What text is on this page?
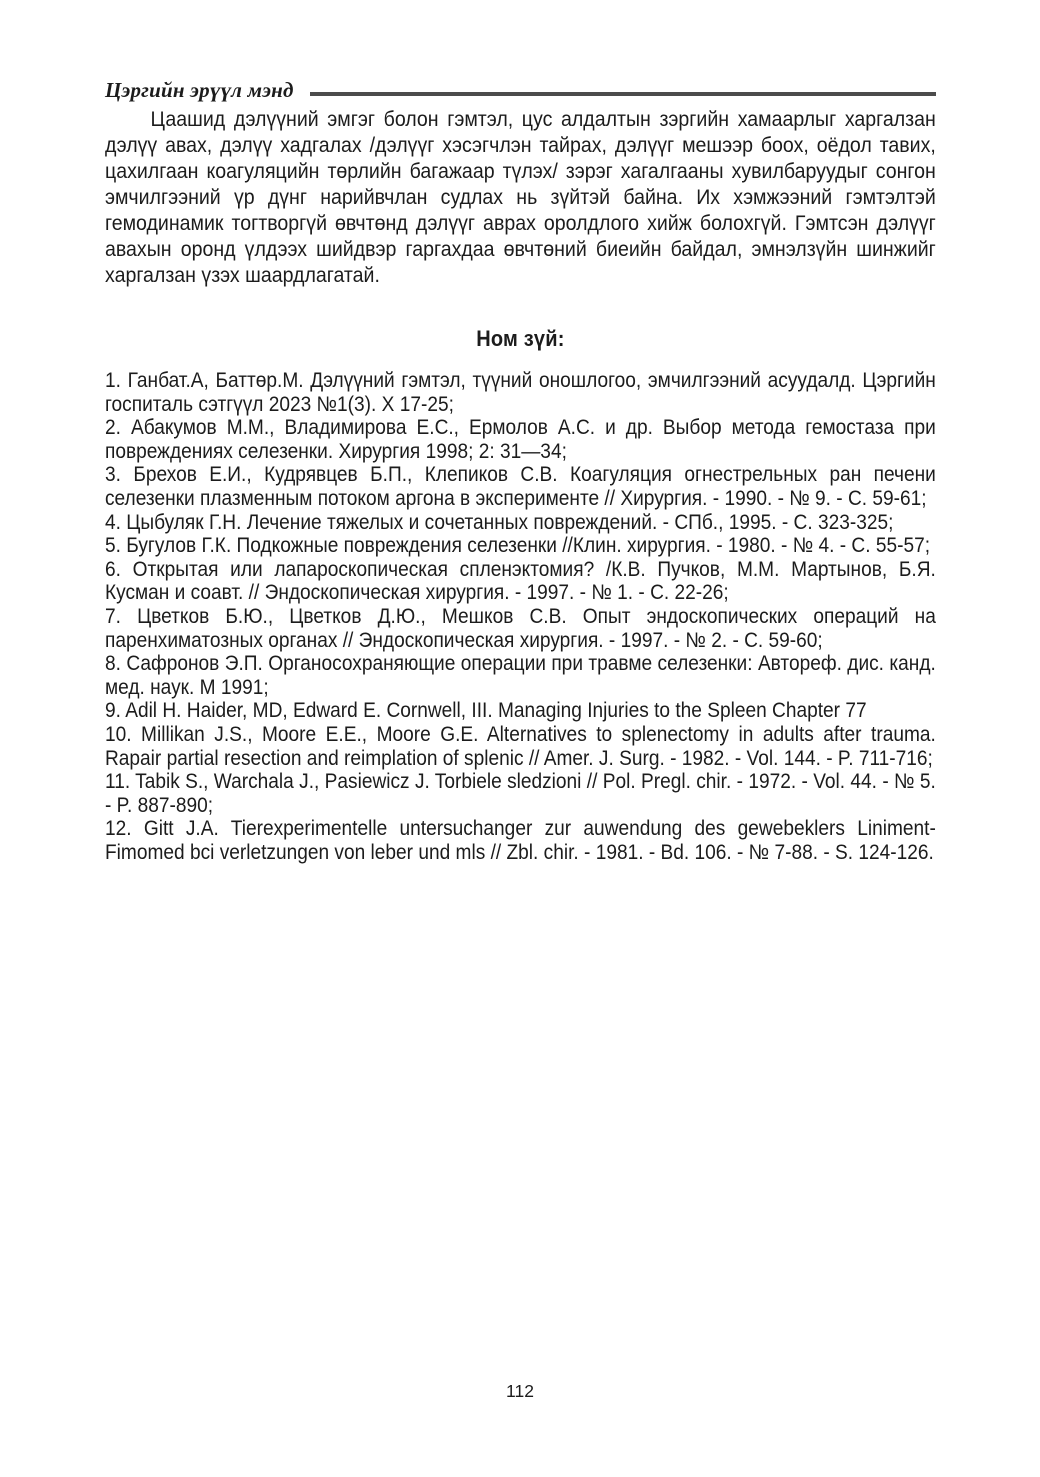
Цэргийн эрүүл мэнд

Цаашид дэлүүний эмгэг болон гэмтэл, цус алдалтын зэргийн хамаарлыг харгалзан дэлүү авах, дэлүү хадгалах /дэлүүг хэсэгчлэн тайрах, дэлүүг мешээр боох, оёдол тавих, цахилгаан коагуляцийн төрлийн багажаар түлэх/ зэрэг хагалгааны хувилбаруудыг сонгон эмчилгээний үр дүнг нарийвчлан судлах нь зүйтэй байна. Их хэмжээний гэмтэлтэй гемодинамик тогтворгүй өвчтөнд дэлүүг аврах оролдлого хийж болохгүй. Гэмтсэн дэлүүг авахын оронд үлдээх шийдвэр гаргахдаа өвчтөний биеийн байдал, эмнэлзүйн шинжийг харгалзан үзэх шаардлагатай.

Ном зүй:

1. Ганбат.А, Баттөр.М. Дэлүүний гэмтэл, түүний оношлогоо, эмчилгээний асуудалд. Цэргийн госпиталь сэтгүүл 2023 №1(3). Х 17-25;

2. Абакумов М.М., Владимирова Е.С., Ермолов А.С. и др. Выбор метода гемостаза при повреждениях селезенки. Хирургия 1998; 2: 31—34;

3. Брехов Е.И., Кудрявцев Б.П., Клепиков С.В. Коагуляция огнестрельных ран печени селезенки плазменным потоком аргона в эксперименте // Хирургия. - 1990. - № 9. - С. 59-61;

4. Цыбуляк Г.Н. Лечение тяжелых и сочетанных повреждений. - СПб., 1995. - С. 323-325;

5. Бугулов Г.К. Подкожные повреждения селезенки //Клин. хирургия. - 1980. - № 4. - С. 55-57;

6. Открытая или лапароскопическая спленэктомия? /К.В. Пучков, М.М. Мартынов, Б.Я. Кусман и соавт. // Эндоскопическая хирургия. - 1997. - № 1. - С. 22-26;

7. Цветков Б.Ю., Цветков Д.Ю., Мешков С.В. Опыт эндоскопических операций на паренхиматозных органах // Эндоскопическая хирургия. - 1997. - № 2. - С. 59-60;

8. Сафронов Э.П. Органосохраняющие операции при травме селезенки: Автореф. дис. канд. мед. наук. М 1991;

9. Adil H. Haider, MD, Edward E. Cornwell, III. Managing Injuries to the Spleen Chapter 77

10. Millikan J.S., Moore E.E., Moore G.E. Alternatives to splenectomy in adults after trauma. Rapair partial resection and reimplation of splenic // Amer. J. Surg. - 1982. - Vol. 144. - P. 711-716;

11. Tabik S., Warchala J., Pasiewicz J. Torbiele sledzioni // Pol. Pregl. chir. - 1972. - Vol. 44. - № 5. - P. 887-890;

12. Gitt J.A. Tierexperimentelle untersuchanger zur auwendung des gewebeklers Liniment-Fimomed bci verletzungen von leber und mls // Zbl. chir. - 1981. - Bd. 106. - № 7-88. - S. 124-126.

112
